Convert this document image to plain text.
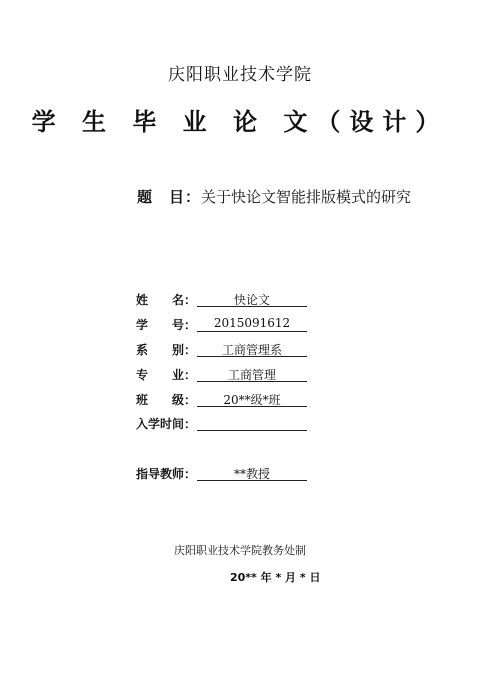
庆阳职业技术学院
学 生 毕 业 论 文（设计）
题　目：关于快论文智能排版模式的研究
姓　　名：	快论文
学　　号：	2015091612
系　　别：	工商管理系
专　　业：	工商管理
班　　级：	20**级*班
入学时间：
指导教师：	**教授
庆阳职业技术学院教务处制
20** 年 * 月 * 日
